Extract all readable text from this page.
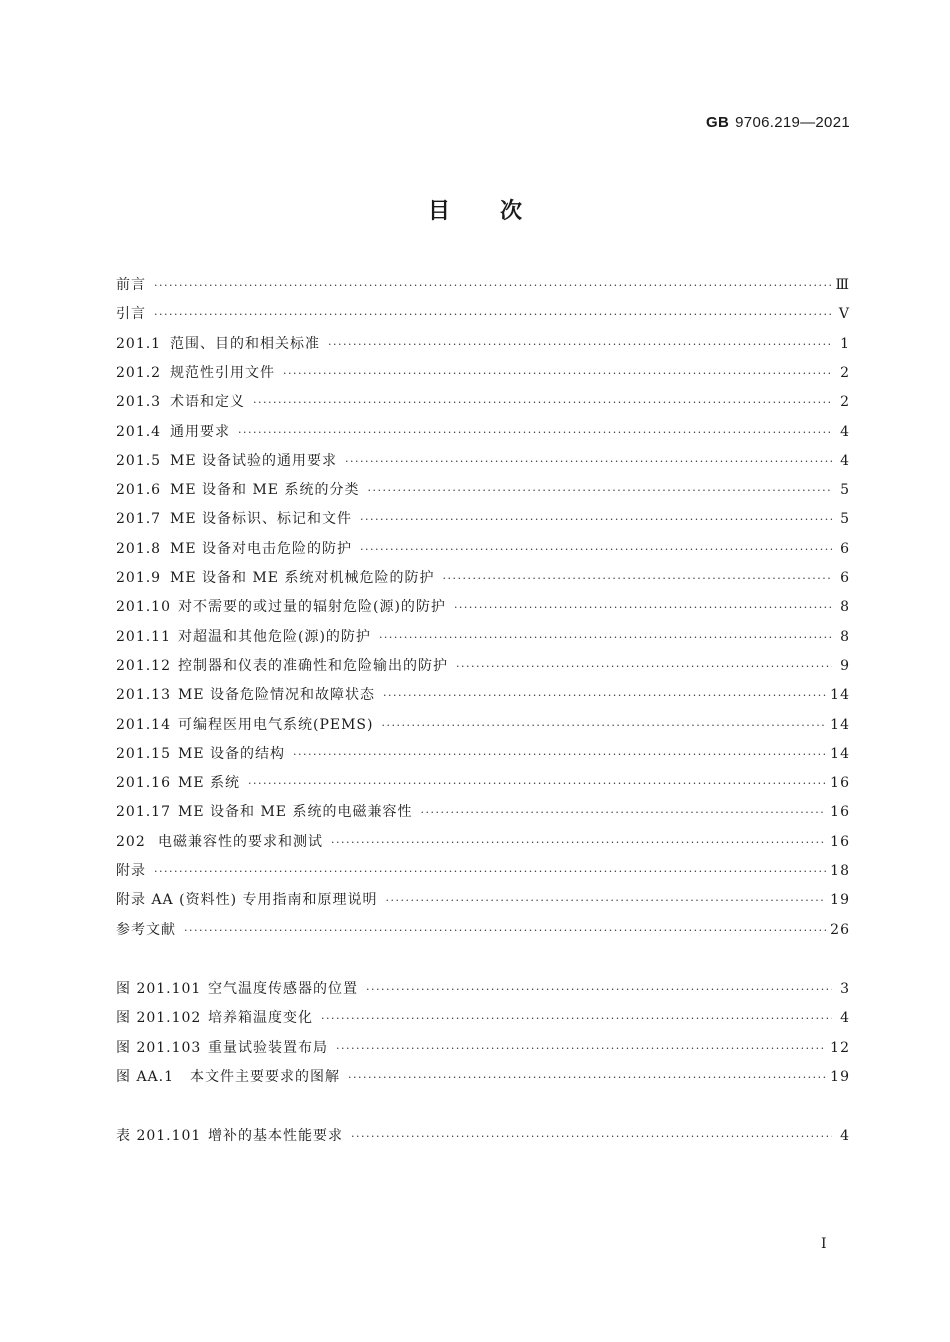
GB 9706.219—2021
目 次
前言 ·····	Ⅲ
引言 ·····	Ⅴ
201.1 范围、目的和相关标准 ·····	1
201.2 规范性引用文件 ·····	2
201.3 术语和定义 ·····	2
201.4 通用要求 ·····	4
201.5 ME 设备试验的通用要求 ·····	4
201.6 ME 设备和 ME 系统的分类 ·····	5
201.7 ME 设备标识、标记和文件 ·····	5
201.8 ME 设备对电击危险的防护 ·····	6
201.9 ME 设备和 ME 系统对机械危险的防护 ·····	6
201.10 对不需要的或过量的辐射危险(源)的防护 ·····	8
201.11 对超温和其他危险(源)的防护 ·····	8
201.12 控制器和仪表的准确性和危险输出的防护 ·····	9
201.13 ME 设备危险情况和故障状态 ·····	14
201.14 可编程医用电气系统(PEMS) ·····	14
201.15 ME 设备的结构 ·····	14
201.16 ME 系统 ·····	16
201.17 ME 设备和 ME 系统的电磁兼容性 ·····	16
202 电磁兼容性的要求和测试 ·····	16
附录 ·····	18
附录 AA (资料性) 专用指南和原理说明 ·····	19
参考文献 ·····	26
图 201.101 空气温度传感器的位置 ·····	3
图 201.102 培养箱温度变化 ·····	4
图 201.103 重量试验装置布局 ·····	12
图 AA.1	本文件主要要求的图解 ·····	19
表 201.101 增补的基本性能要求 ·····	4
I
